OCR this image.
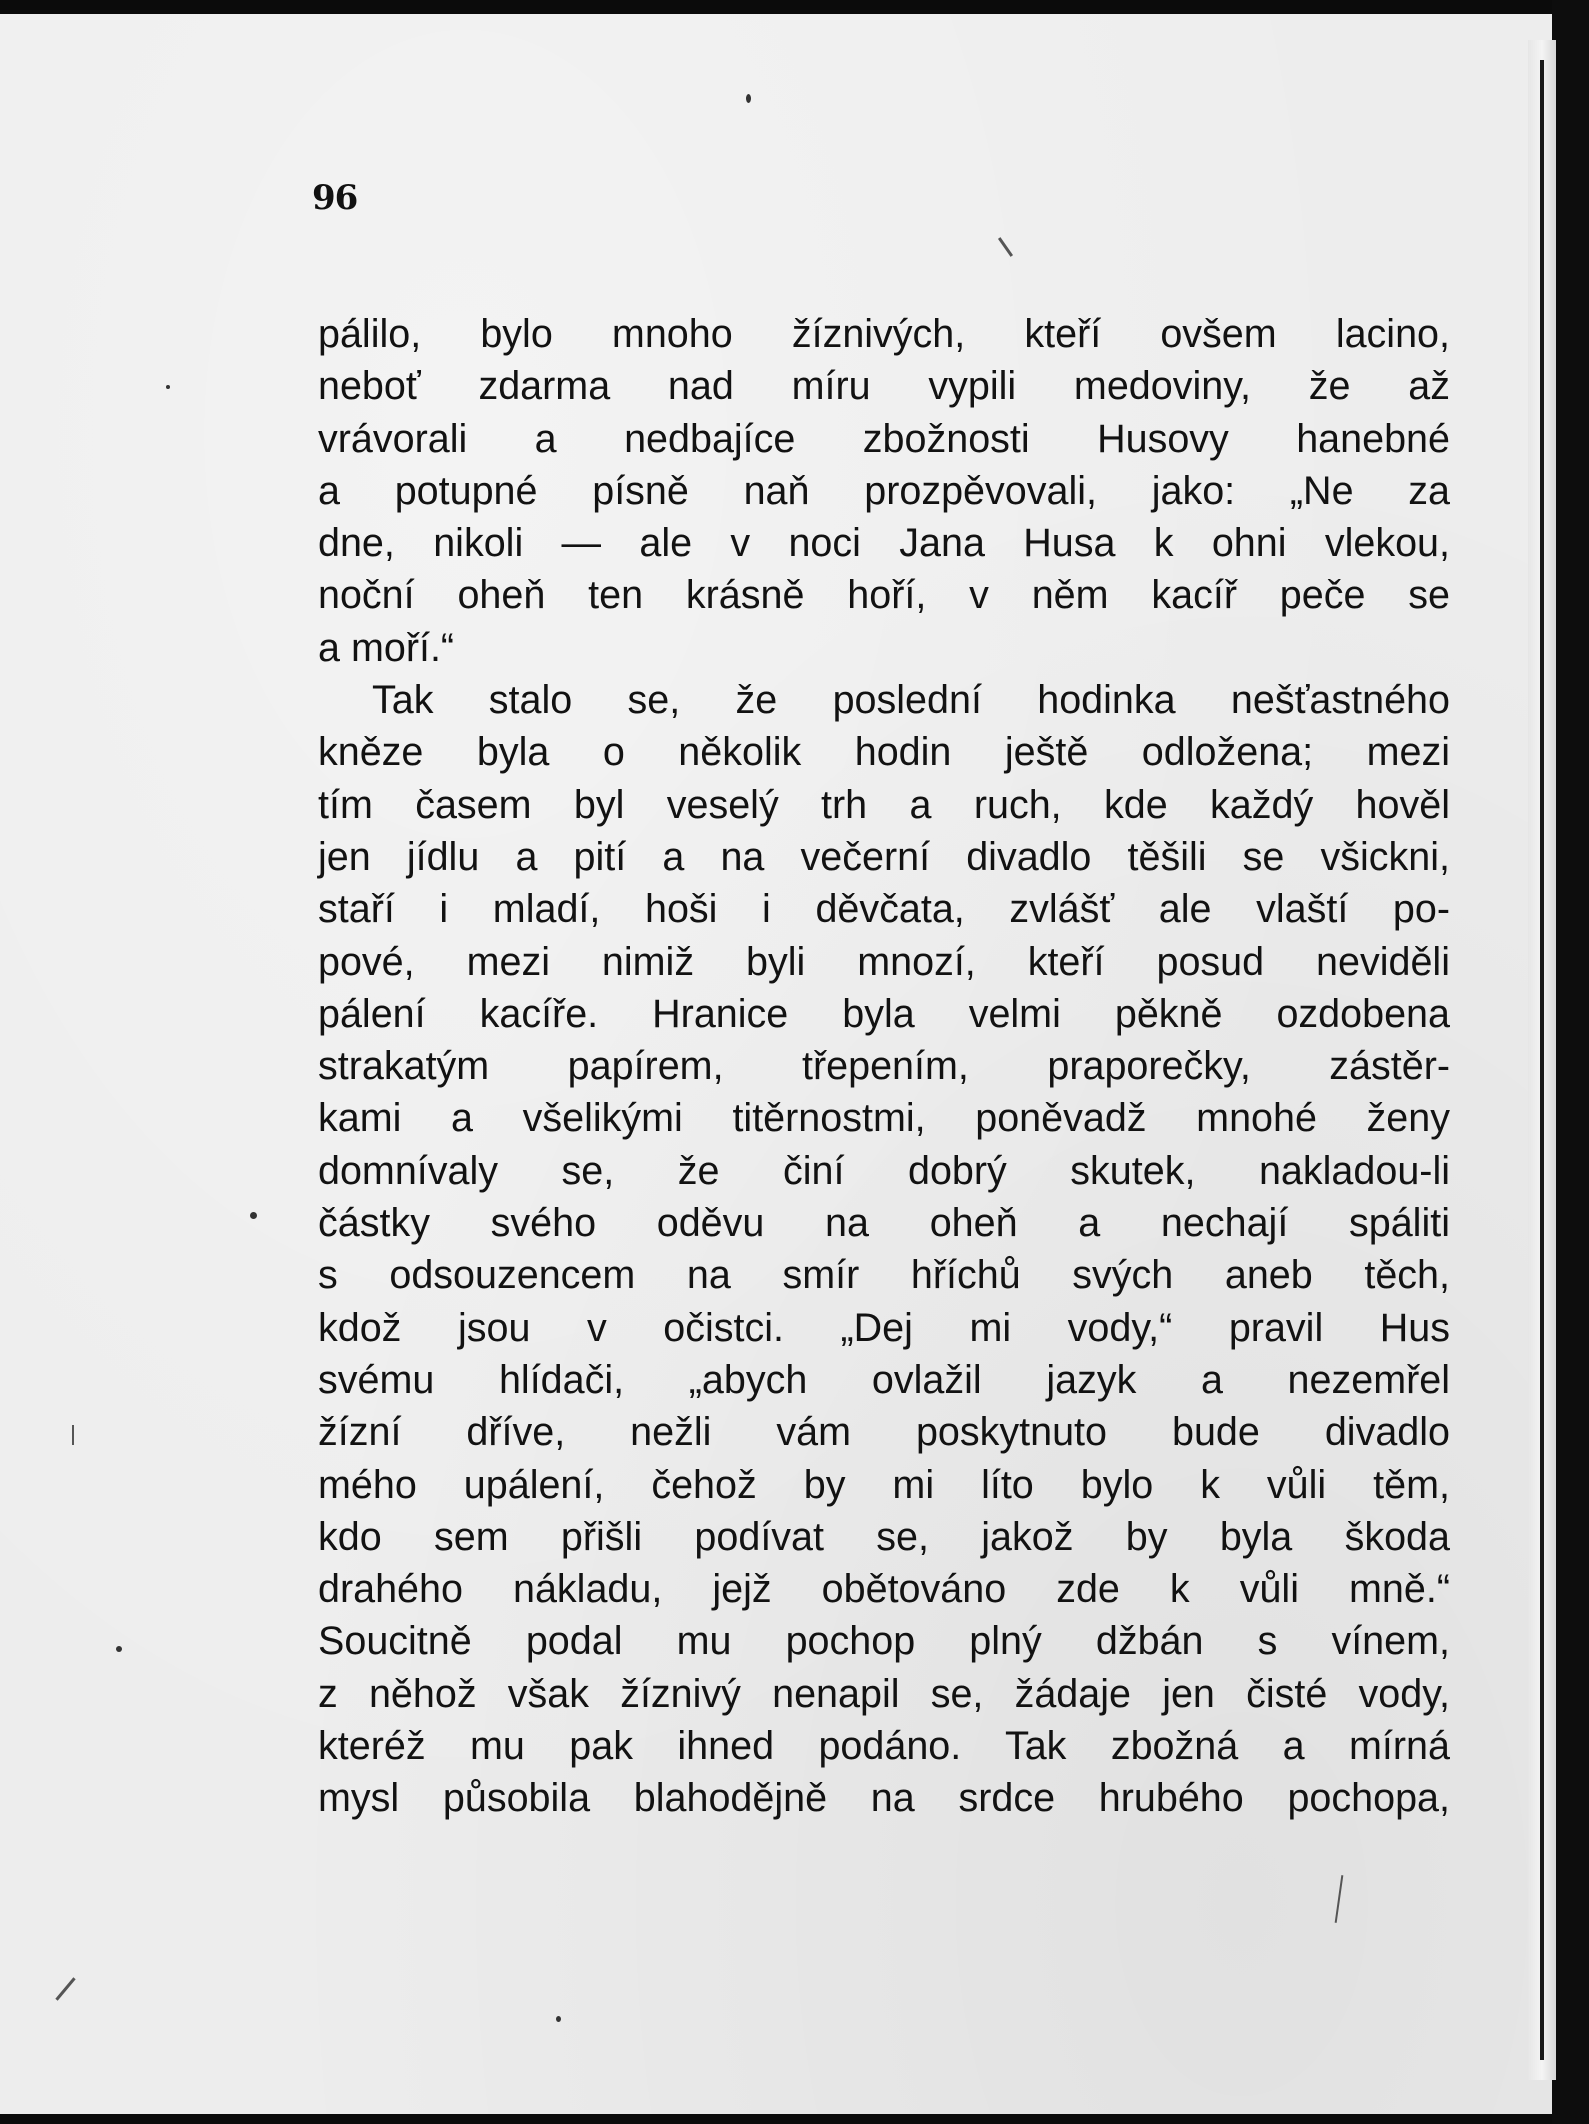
96
pálilo, bylo mnoho žíznivých, kteří ovšem lacino,
neboť zdarma nad míru vypili medoviny, že až
vrávorali a nedbajíce zbožnosti Husovy hanebné
a potupné písně naň prozpěvovali, jako: „Ne za
dne, nikoli — ale v noci Jana Husa k ohni vlekou,
noční oheň ten krásně hoří, v něm kacíř peče se
a moří.“
Tak stalo se, že poslední hodinka nešťastného
kněze byla o několik hodin ještě odložena; mezi
tím časem byl veselý trh a ruch, kde každý hověl
jen jídlu a pití a na večerní divadlo těšili se všickni,
staří i mladí, hoši i děvčata, zvlášť ale vlaští po-
pové, mezi nimiž byli mnozí, kteří posud neviděli
pálení kacíře. Hranice byla velmi pěkně ozdobena
strakatým papírem, třepením, praporečky, zástěr-
kami a všelikými titěrnostmi, poněvadž mnohé ženy
domnívaly se, že činí dobrý skutek, nakladou-li
částky svého oděvu na oheň a nechají spáliti
s odsouzencem na smír hříchů svých aneb těch,
kdož jsou v očistci. „Dej mi vody,“ pravil Hus
svému hlídači, „abych ovlažil jazyk a nezemřel
žízní dříve, nežli vám poskytnuto bude divadlo
mého upálení, čehož by mi líto bylo k vůli těm,
kdo sem přišli podívat se, jakož by byla škoda
drahého nákladu, jejž obětováno zde k vůli mně.“
Soucitně podal mu pochop plný džbán s vínem,
z něhož však žíznivý nenapil se, žádaje jen čisté vody,
kteréž mu pak ihned podáno. Tak zbožná a mírná
mysl působila blahodějně na srdce hrubého pochopa,
